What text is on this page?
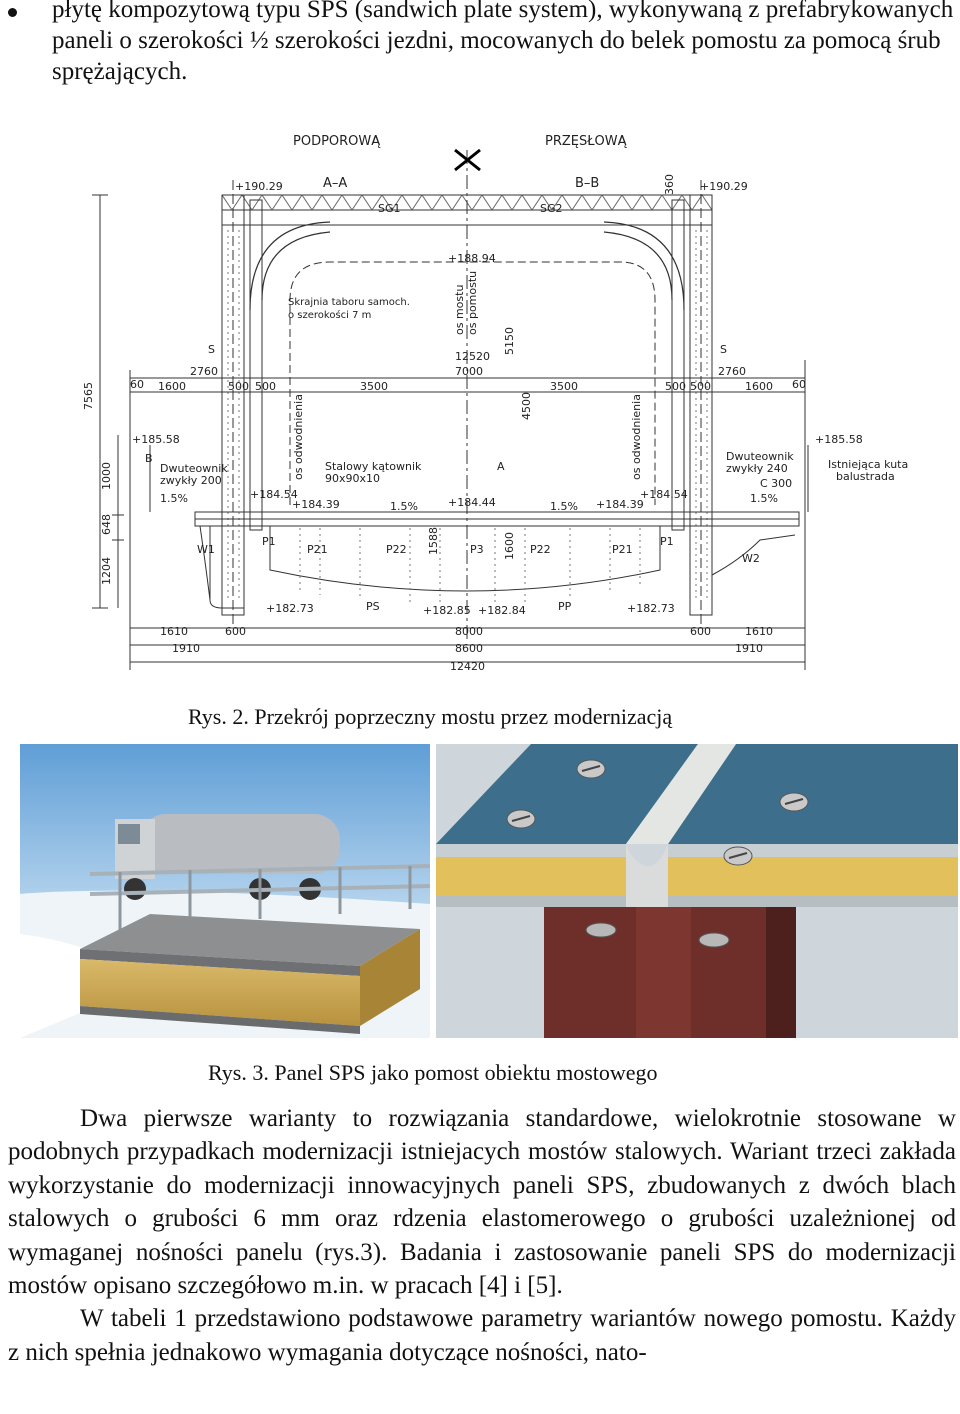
płytę kompozytową typu SPS (sandwich plate system), wykonywaną z prefabrykowanych paneli o szerokości ½ szerokości jezdni, mocowanych do belek pomostu za pomocą śrub sprężających.
PODPOROWĄ	PRZĘSŁOWĄ
A–A	B–B
+190.29	+190.29
SG1	SG2
+188.94
Skrajnia taboru samoch.
o szerokości 7 m
12520
7000
2760	2760
1600	3500	3500	1600
60	60
500	500
500	500
S	S
+185.58	+185.58
B
A
Stalowy kątownik
90x90x10
Dwuteownik
zwykły 200
Dwuteownik
zwykły 240
C 300
Istniejąca kuta
balustrada
1.5%
1.5%	1.5%
1.5%
+184.54
+184.39	+184.44	+184.39
+184.54
W1
W2
P1	P1
P21	P21
P22	P22
P3
PS	PP
+182.73	+182.85 +182.84	+182.73
1610	600	8000	600	1610
1910	8600	1910
12420
7565
1000
648
1204
5150
4500
360
1588	1600
os mostu os pomostu
os odwodnienia	os odwodnienia
Rys. 2. Przekrój poprzeczny mostu przez modernizacją
Rys. 3. Panel SPS jako pomost obiektu mostowego

Dwa pierwsze warianty to rozwiązania standardowe, wielokrotnie stosowane w podobnych przypadkach modernizacji istniejacych mostów stalowych. Wariant trzeci zakłada wykorzystanie do modernizacji innowacyjnych paneli SPS, zbudowanych z dwóch blach stalowych o grubości 6 mm oraz rdzenia elastomerowego o grubości uzależnionej od wymaganej nośności panelu (rys.3). Badania i zastosowanie paneli SPS do modernizacji mostów opisano szczegółowo m.in. w pracach [4] i [5].

W tabeli 1 przedstawiono podstawowe parametry wariantów nowego pomostu. Każdy z nich spełnia jednakowo wymagania dotyczące nośności, nato-
